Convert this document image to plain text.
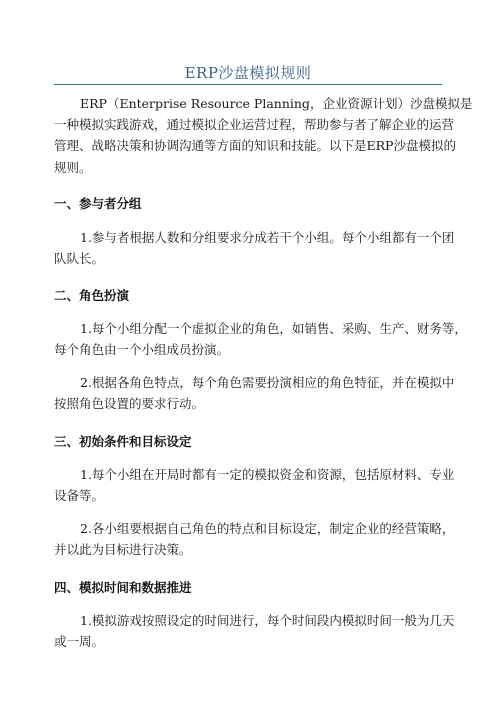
ERP沙盘模拟规则
ERP（Enterprise Resource Planning，企业资源计划）沙盘模拟是
一种模拟实践游戏，通过模拟企业运营过程，帮助参与者了解企业的运营
管理、战略决策和协调沟通等方面的知识和技能。以下是ERP沙盘模拟的
规则。
一、参与者分组
1.参与者根据人数和分组要求分成若干个小组。每个小组都有一个团
队队长。
二、角色扮演
1.每个小组分配一个虚拟企业的角色，如销售、采购、生产、财务等，
每个角色由一个小组成员扮演。
2.根据各角色特点，每个角色需要扮演相应的角色特征，并在模拟中
按照角色设置的要求行动。
三、初始条件和目标设定
1.每个小组在开局时都有一定的模拟资金和资源，包括原材料、专业
设备等。
2.各小组要根据自己角色的特点和目标设定，制定企业的经营策略，
并以此为目标进行决策。
四、模拟时间和数据推进
1.模拟游戏按照设定的时间进行，每个时间段内模拟时间一般为几天
或一周。
